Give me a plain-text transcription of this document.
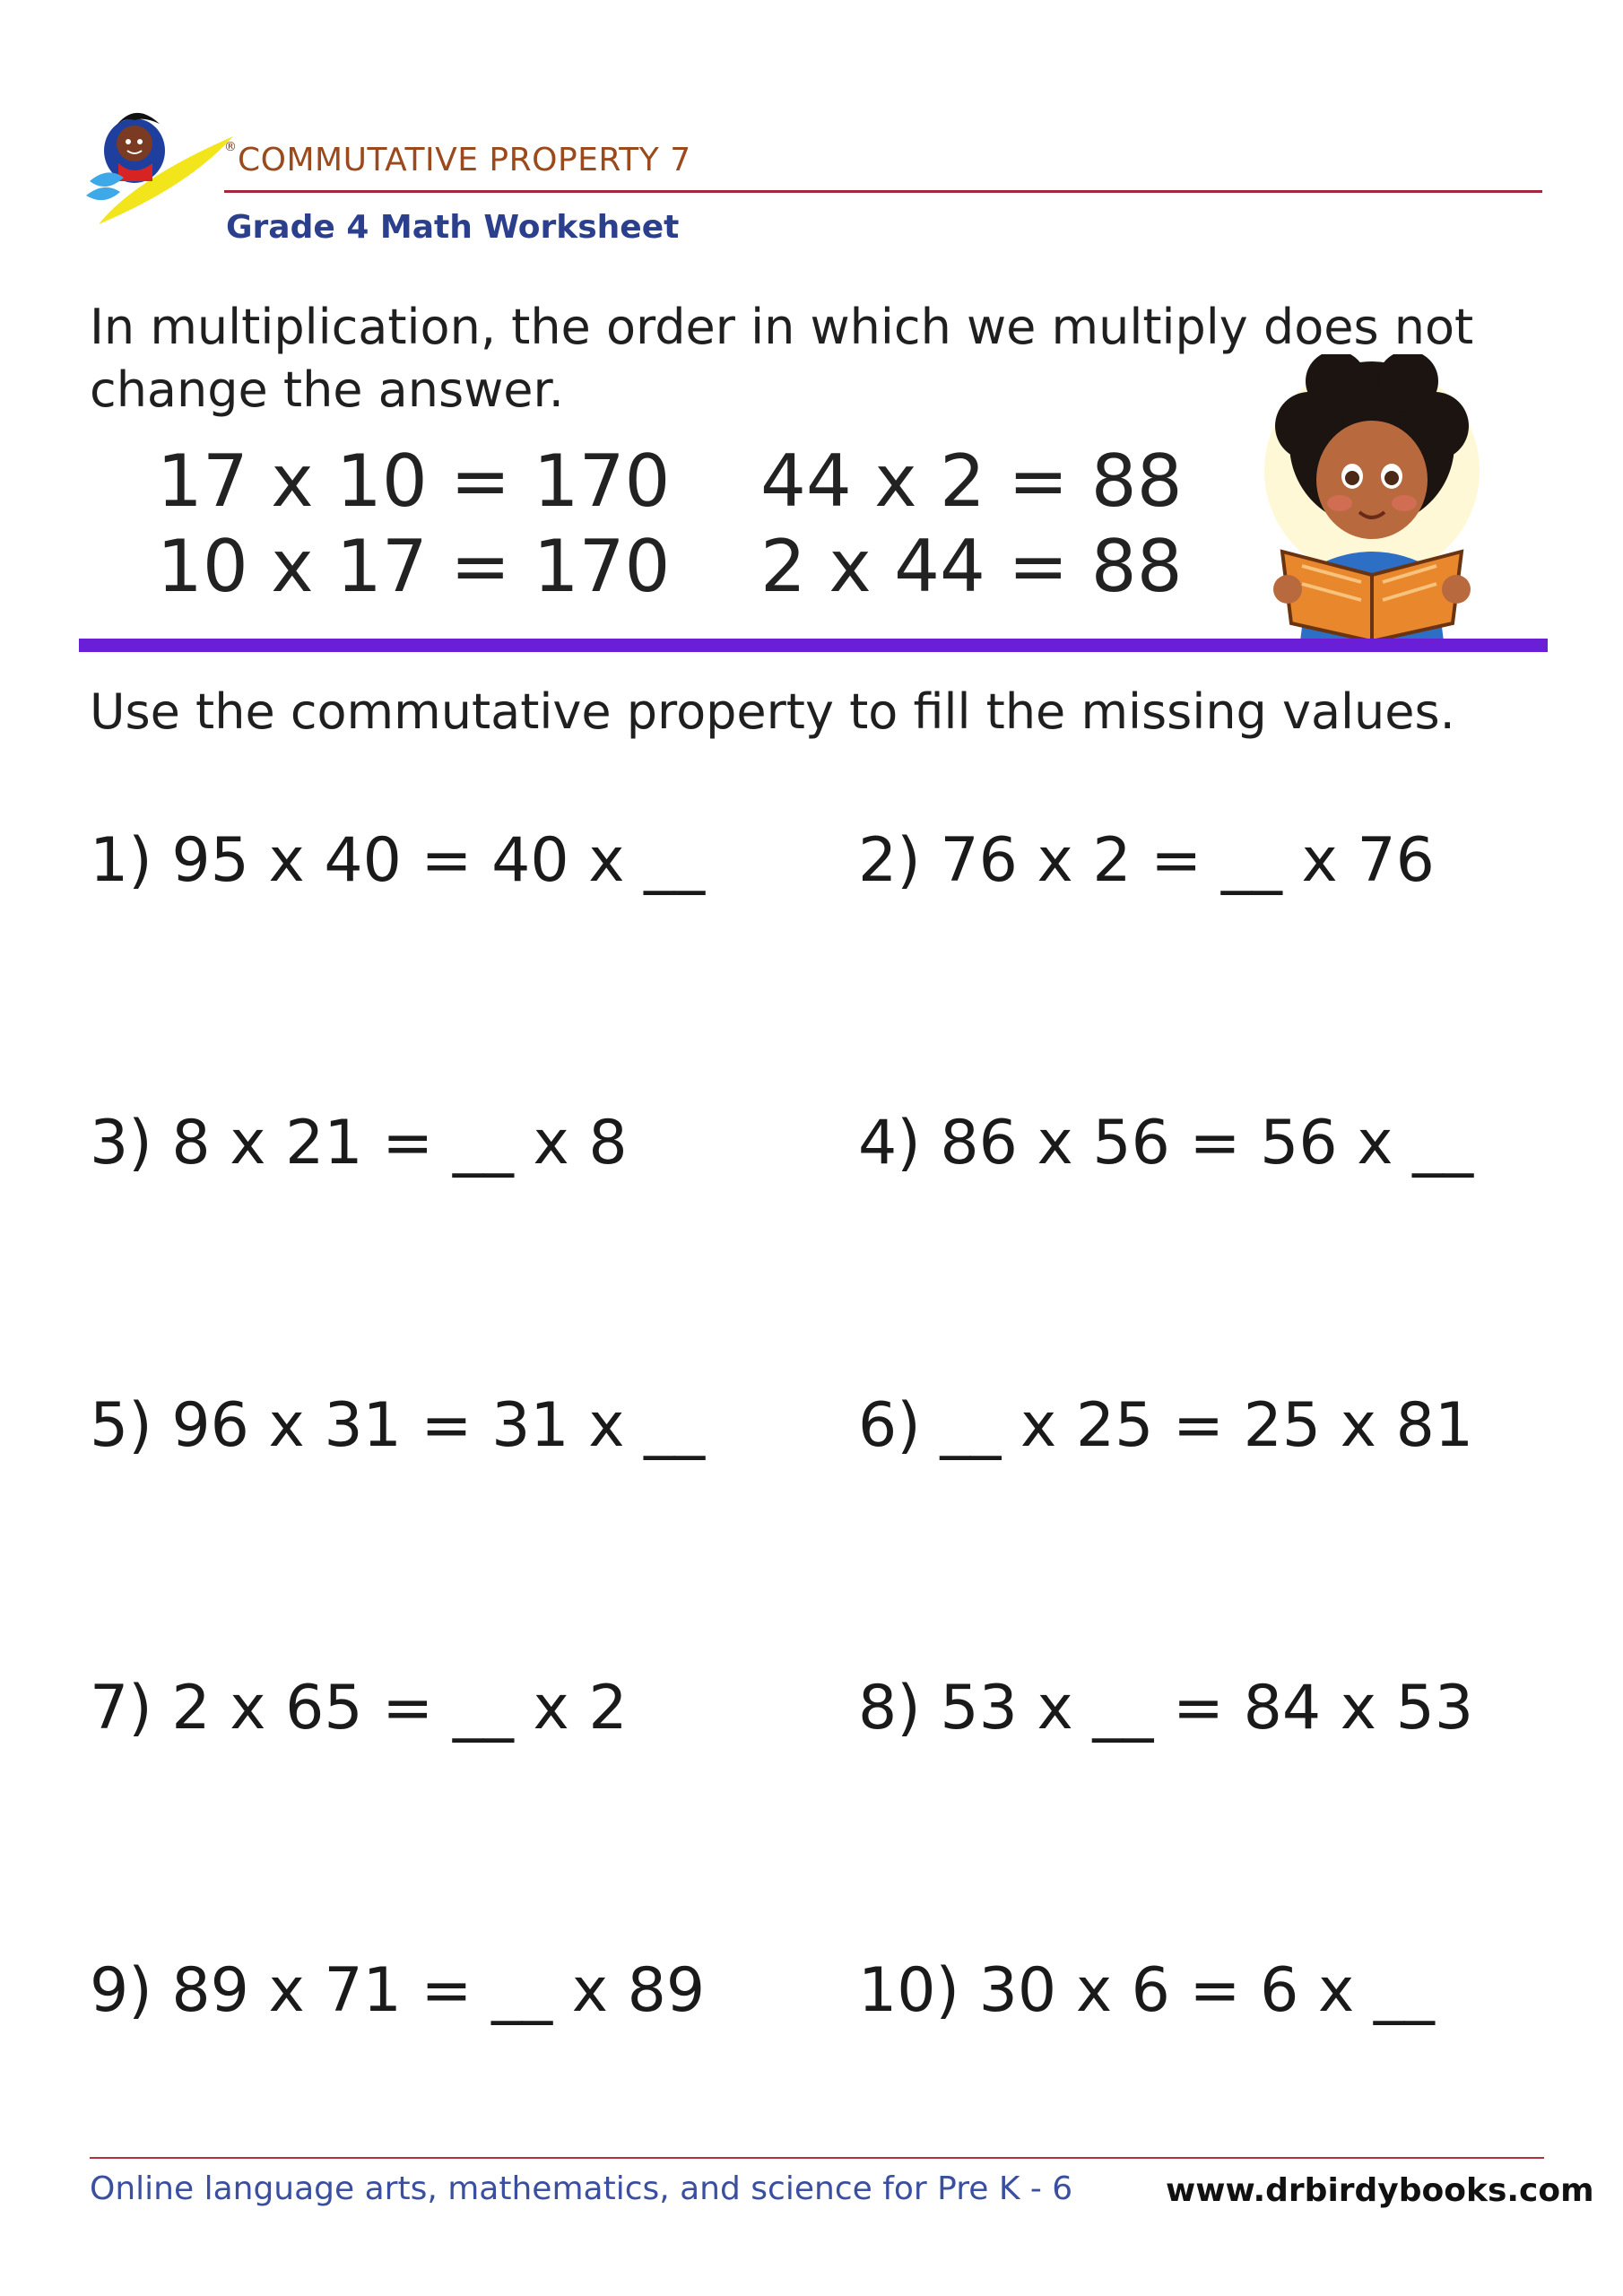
® COMMUTATIVE PROPERTY 7
Grade 4 Math Worksheet
In multiplication, the order in which we multiply does not change the answer.
17 x 10 = 170
10 x 17 = 170
44 x 2 = 88
2 x 44 = 88
Use the commutative property to fill the missing values.
1) 95 x 40 = 40 x __	2) 76 x 2 = __ x 76
3) 8 x 21 = __ x 8	4) 86 x 56 = 56 x __
5) 96 x 31 = 31 x __	6) __ x 25 = 25 x 81
7) 2 x 65 = __ x 2	8) 53 x __ = 84 x 53
9) 89 x 71 = __ x 89	10) 30 x 6 = 6 x __
Online language arts, mathematics, and science for Pre K - 6	www.drbirdybooks.com
